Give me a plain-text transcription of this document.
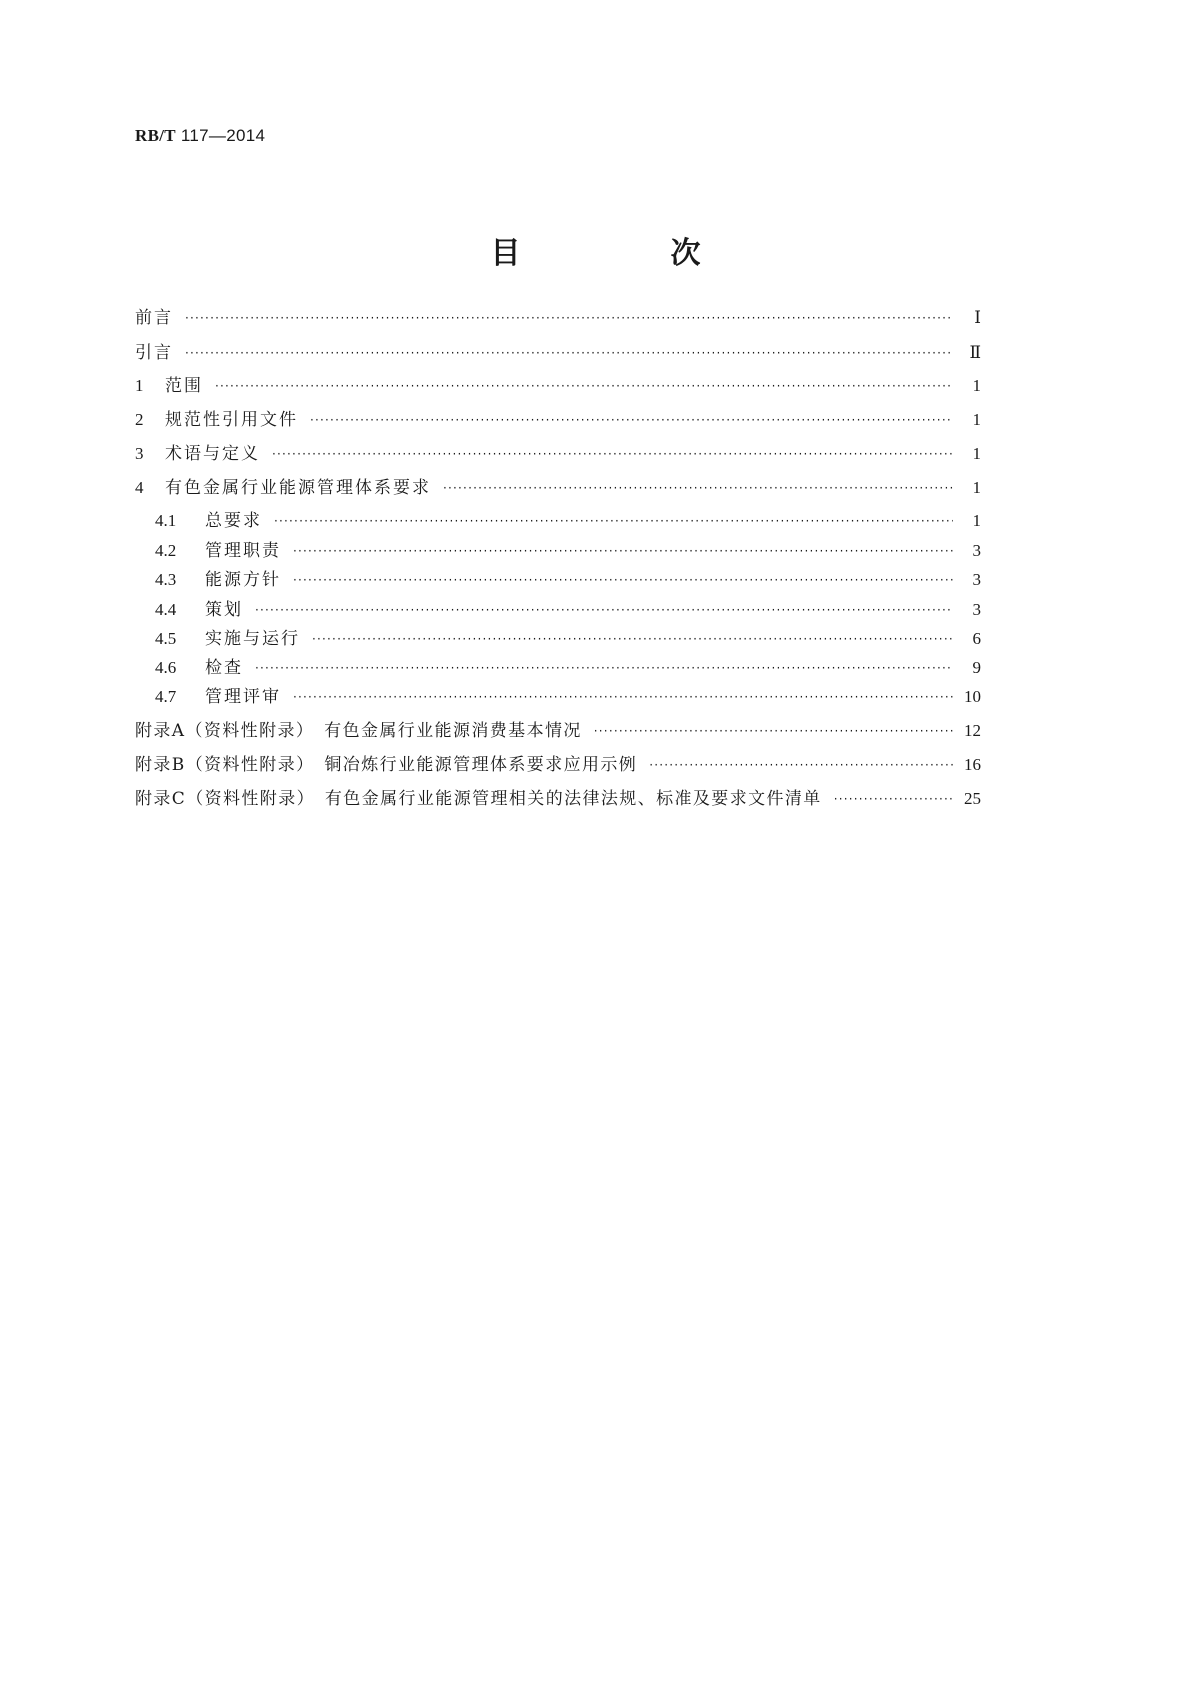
RB/T 117—2014
目　次
前言 ·····	Ⅰ
引言 ·····	Ⅱ
1	范围 ·····	1
2	规范性引用文件 ·····	1
3	术语与定义 ·····	1
4	有色金属行业能源管理体系要求 ·····	1
4.1	总要求 ·····	1
4.2	管理职责 ·····	3
4.3	能源方针 ·····	3
4.4	策划 ·····	3
4.5	实施与运行 ·····	6
4.6	检查 ·····	9
4.7	管理评审 ·····	10
附录A（资料性附录）　有色金属行业能源消费基本情况 ·····	12
附录B（资料性附录）　铜冶炼行业能源管理体系要求应用示例 ·····	16
附录C（资料性附录）　有色金属行业能源管理相关的法律法规、标准及要求文件清单 ·····	25
